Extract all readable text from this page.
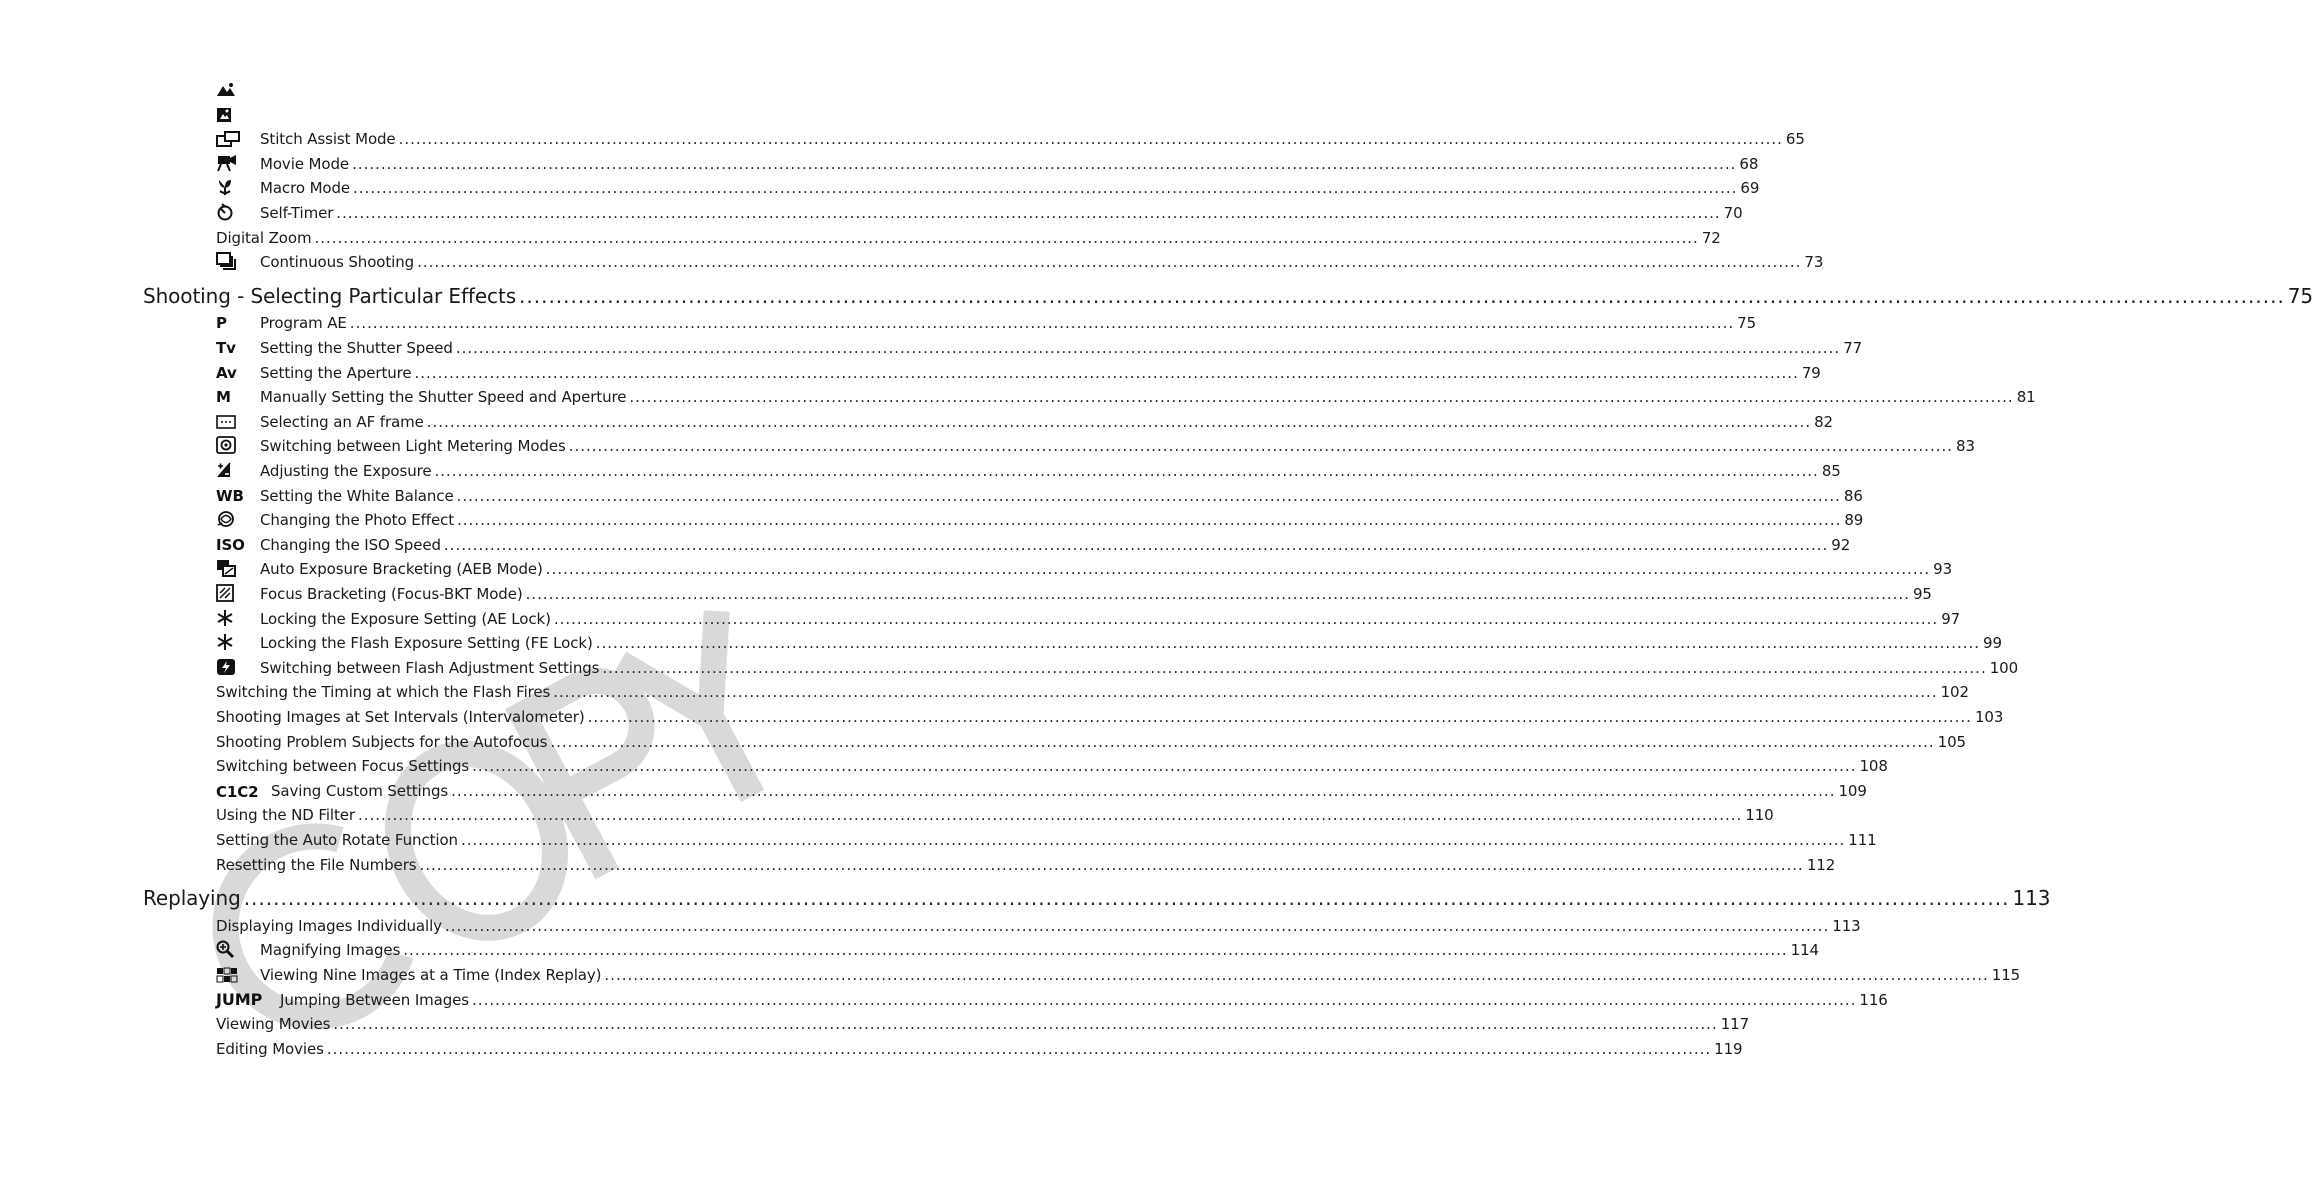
Stitch Assist Mode .....	65
Movie Mode .....	68
Macro Mode .....	69
Self-Timer .....	70
Digital Zoom .....	72
Continuous Shooting .....	73
Shooting - Selecting Particular Effects .....	75
P	Program AE .....	75
Tv	Setting the Shutter Speed .....	77
Av	Setting the Aperture .....	79
M	Manually Setting the Shutter Speed and Aperture .....	81
Selecting an AF frame .....	82
Switching between Light Metering Modes .....	83
Adjusting the Exposure .....	85
WB	Setting the White Balance .....	86
Changing the Photo Effect .....	89
ISO	Changing the ISO Speed .....	92
Auto Exposure Bracketing (AEB Mode) .....	93
Focus Bracketing (Focus-BKT Mode) .....	95
Locking the Exposure Setting (AE Lock) .....	97
Locking the Flash Exposure Setting (FE Lock) .....	99
Switching between Flash Adjustment Settings .....	100
Switching the Timing at which the Flash Fires .....	102
Shooting Images at Set Intervals (Intervalometer) .....	103
Shooting Problem Subjects for the Autofocus .....	105
Switching between Focus Settings .....	108
C1C2 Saving Custom Settings .....	109
Using the ND Filter .....	110
Setting the Auto Rotate Function .....	111
Resetting the File Numbers .....	112
Replaying .....	113
Displaying Images Individually .....	113
Magnifying Images .....	114
Viewing Nine Images at a Time (Index Replay) .....	115
JUMP	Jumping Between Images .....	116
Viewing Movies .....	117
Editing Movies .....	119
